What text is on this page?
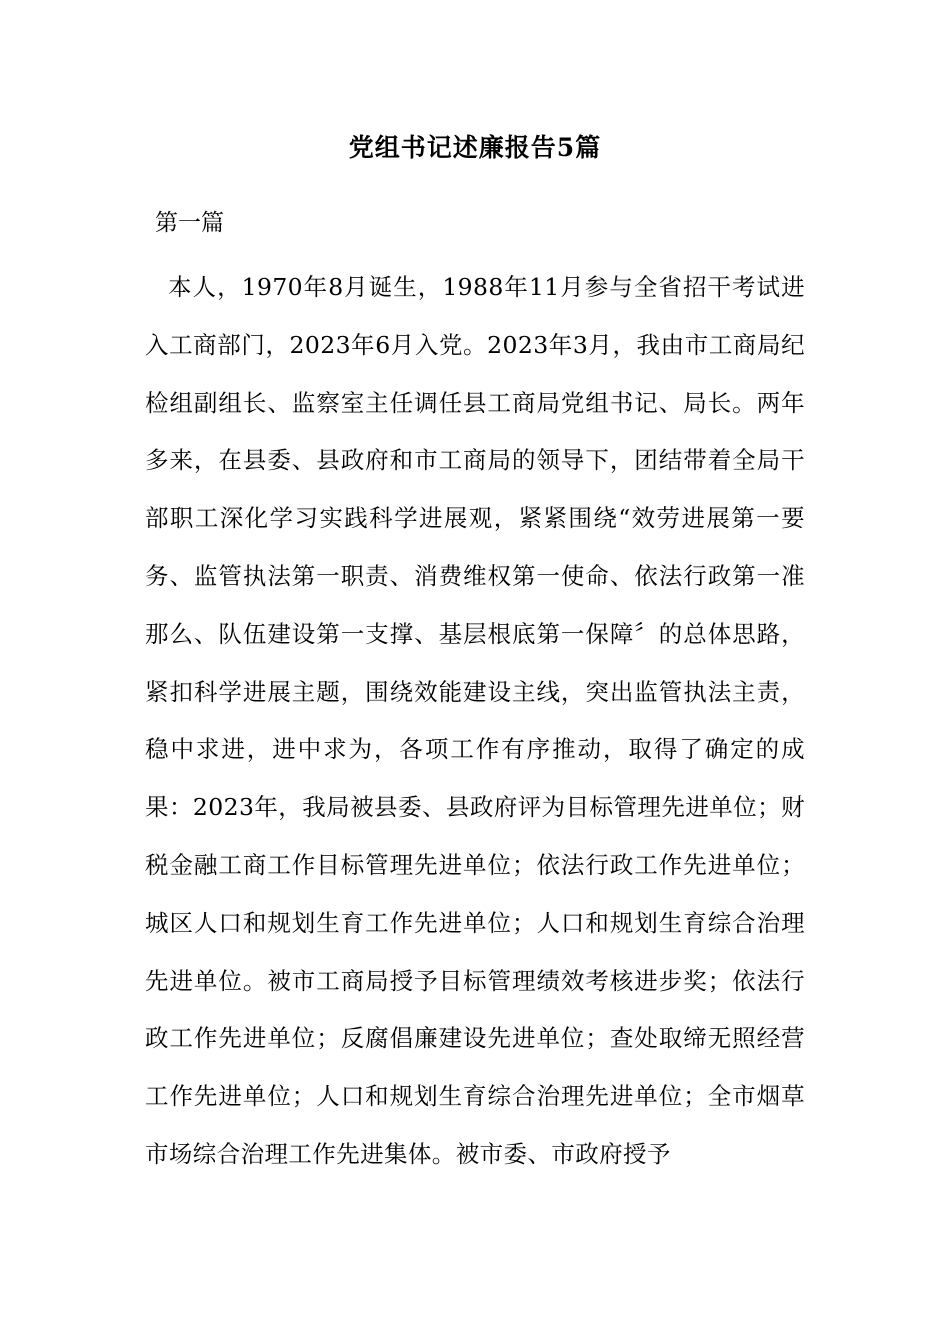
党组书记述廉报告5篇
第一篇

本人，1970年8月诞生，1988年11月参与全省招干考试进入工商部门，2023年6月入党。2023年3月，我由市工商局纪检组副组长、监察室主任调任县工商局党组书记、局长。两年多来，在县委、县政府和市工商局的领导下，团结带着全局干部职工深化学习实践科学进展观，紧紧围绕“效劳进展第一要务、监管执法第一职责、消费维权第一使命、依法行政第一准那么、队伍建设第一支撑、基层根底第一保障〞的总体思路，紧扣科学进展主题，围绕效能建设主线，突出监管执法主责，稳中求进，进中求为，各项工作有序推动，取得了确定的成果：2023年，我局被县委、县政府评为目标管理先进单位；财税金融工商工作目标管理先进单位；依法行政工作先进单位；城区人口和规划生育工作先进单位；人口和规划生育综合治理先进单位。被市工商局授予目标管理绩效考核进步奖；依法行政工作先进单位；反腐倡廉建设先进单位；查处取缔无照经营工作先进单位；人口和规划生育综合治理先进单位；全市烟草市场综合治理工作先进集体。被市委、市政府授予
